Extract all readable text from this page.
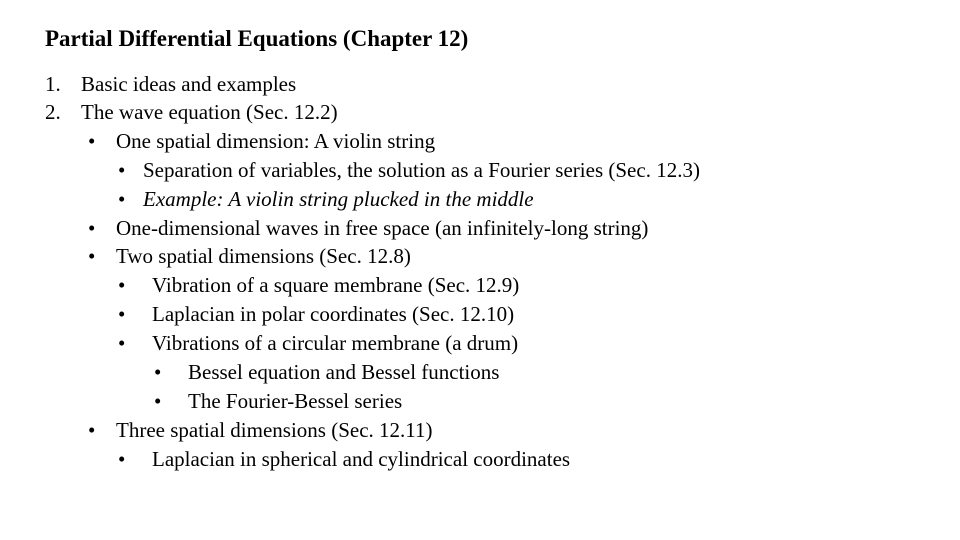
Partial Differential Equations (Chapter 12)
1. Basic ideas and examples
2. The wave equation (Sec. 12.2)
• One spatial dimension: A violin string
• Separation of variables, the solution as a Fourier series (Sec. 12.3)
• Example: A violin string plucked in the middle
• One-dimensional waves in free space (an infinitely-long string)
• Two spatial dimensions (Sec. 12.8)
• Vibration of a square membrane (Sec. 12.9)
• Laplacian in polar coordinates (Sec. 12.10)
• Vibrations of a circular membrane (a drum)
• Bessel equation and Bessel functions
• The Fourier-Bessel series
• Three spatial dimensions (Sec. 12.11)
• Laplacian in spherical and cylindrical coordinates
